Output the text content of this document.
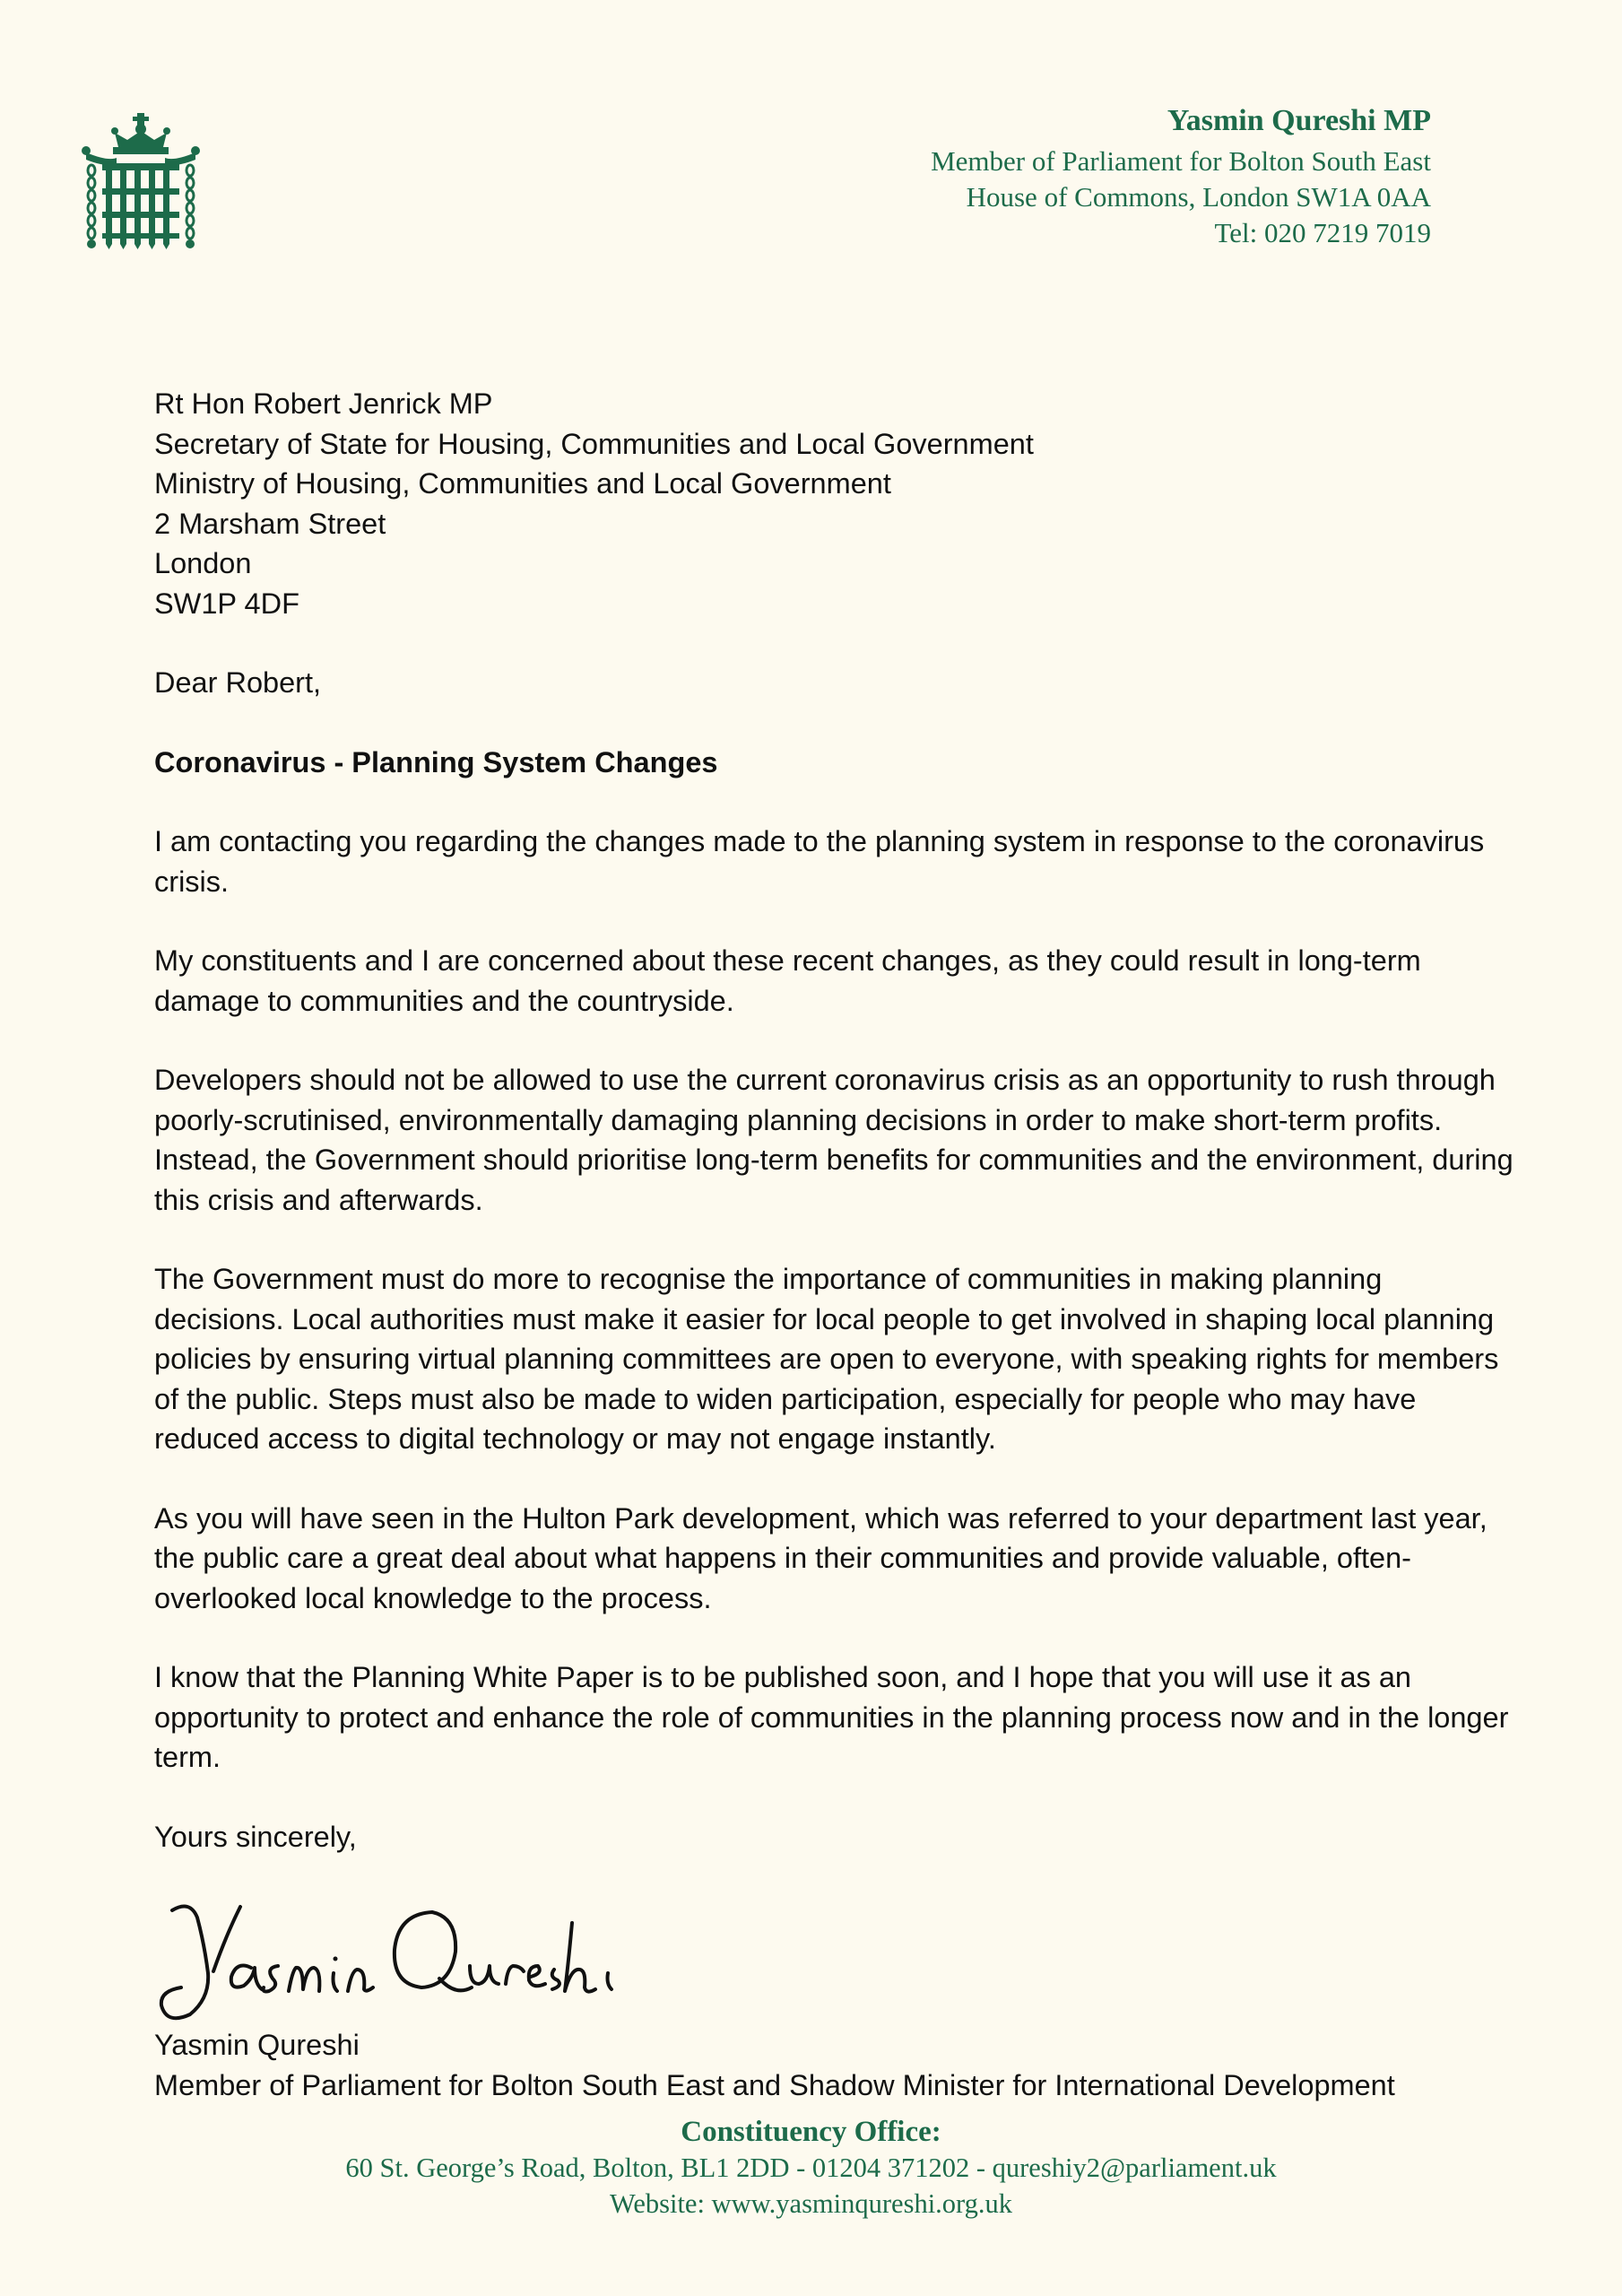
Yasmin Qureshi MP
Member of Parliament for Bolton South East
House of Commons, London SW1A 0AA
Tel: 020 7219 7019
Rt Hon Robert Jenrick MP
Secretary of State for Housing, Communities and Local Government
Ministry of Housing, Communities and Local Government
2 Marsham Street
London
SW1P 4DF

Dear Robert,

Coronavirus - Planning System Changes

I am contacting you regarding the changes made to the planning system in response to the coronavirus crisis.

My constituents and I are concerned about these recent changes, as they could result in long-term damage to communities and the countryside.

Developers should not be allowed to use the current coronavirus crisis as an opportunity to rush through poorly-scrutinised, environmentally damaging planning decisions in order to make short-term profits. Instead, the Government should prioritise long-term benefits for communities and the environment, during this crisis and afterwards.

The Government must do more to recognise the importance of communities in making planning decisions. Local authorities must make it easier for local people to get involved in shaping local planning policies by ensuring virtual planning committees are open to everyone, with speaking rights for members of the public. Steps must also be made to widen participation, especially for people who may have reduced access to digital technology or may not engage instantly.

As you will have seen in the Hulton Park development, which was referred to your department last year, the public care a great deal about what happens in their communities and provide valuable, often-overlooked local knowledge to the process.

I know that the Planning White Paper is to be published soon, and I hope that you will use it as an opportunity to protect and enhance the role of communities in the planning process now and in the longer term.

Yours sincerely,

Yasmin Qureshi
Member of Parliament for Bolton South East and Shadow Minister for International Development
Constituency Office:
60 St. George’s Road, Bolton, BL1 2DD - 01204 371202 - qureshiy2@parliament.uk
Website: www.yasminqureshi.org.uk
